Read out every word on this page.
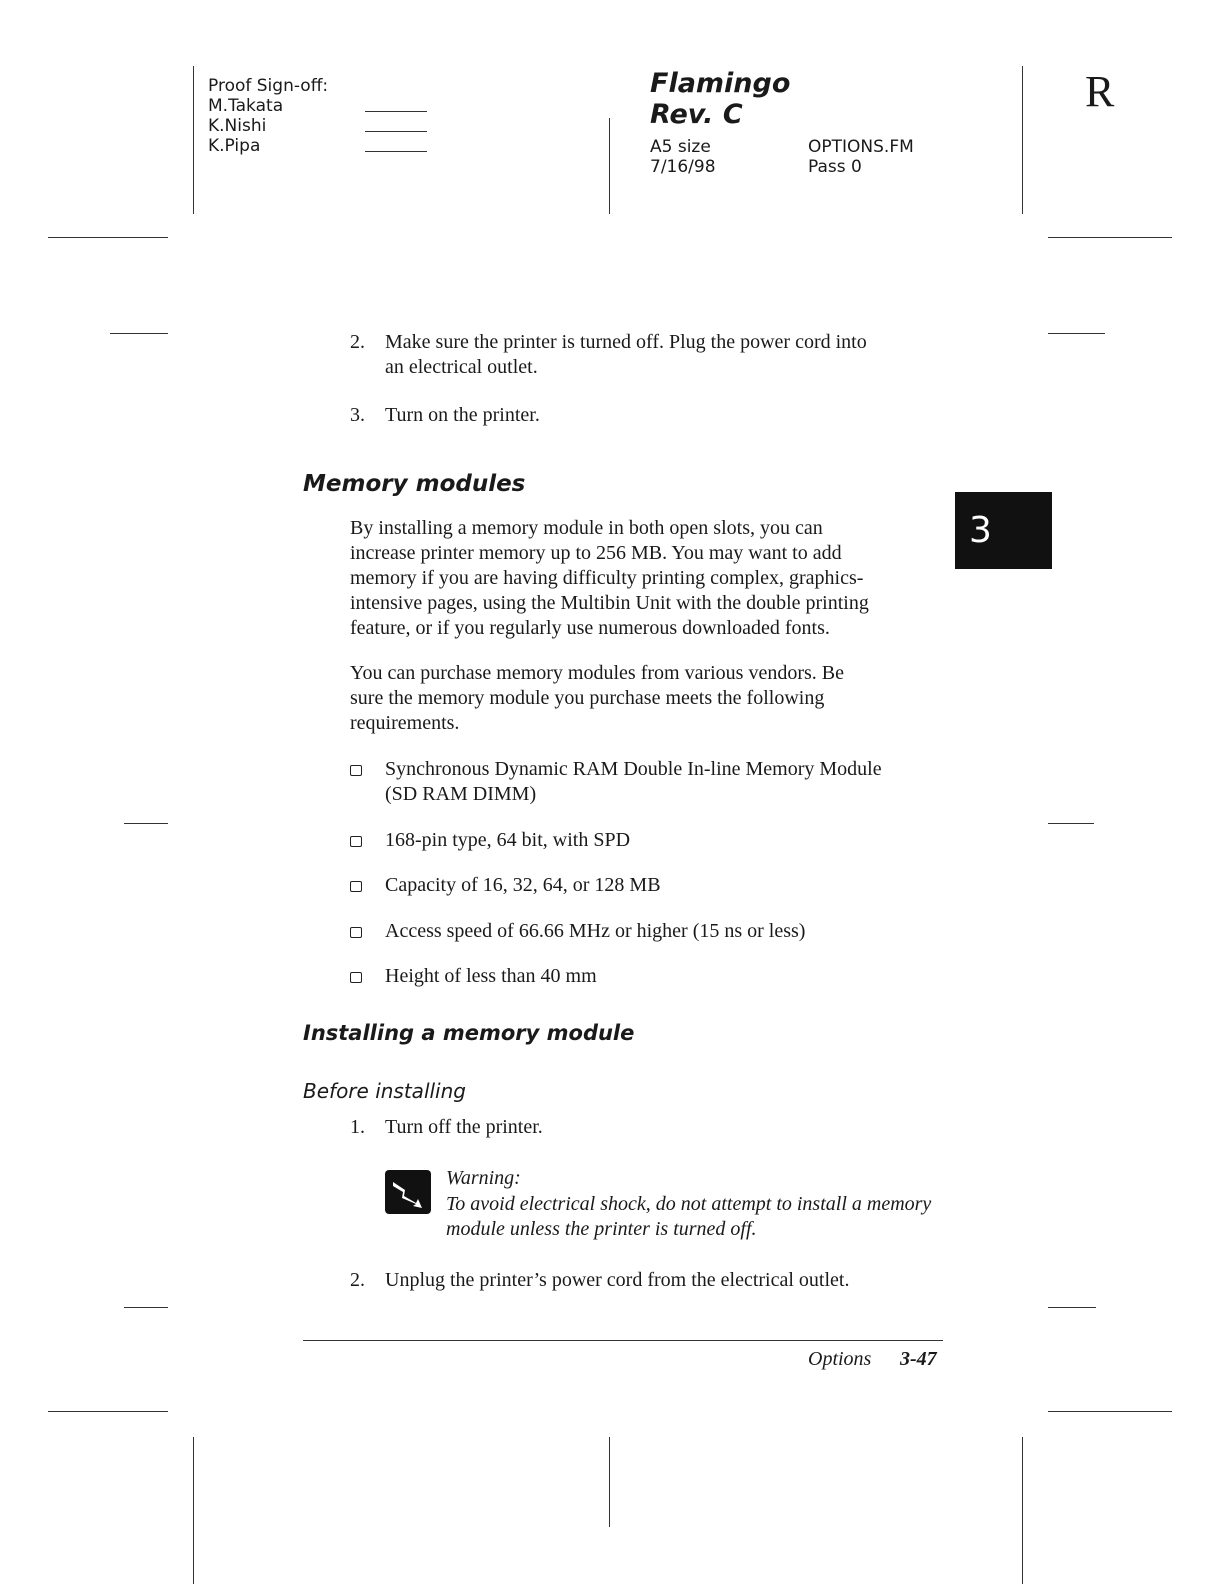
Proof Sign-off:
M.Takata
K.Nishi
K.Pipa
Flamingo
Rev. C
A5 size
7/16/98
OPTIONS.FM
Pass 0
R
3
2. Make sure the printer is turned off. Plug the power cord into
an electrical outlet.
3. Turn on the printer.
Memory modules
By installing a memory module in both open slots, you can
increase printer memory up to 256 MB. You may want to add
memory if you are having difficulty printing complex, graphics-
intensive pages, using the Multibin Unit with the double printing
feature, or if you regularly use numerous downloaded fonts.
You can purchase memory modules from various vendors. Be
sure the memory module you purchase meets the following
requirements.
Synchronous Dynamic RAM Double In-line Memory Module
(SD RAM DIMM)
168-pin type, 64 bit, with SPD
Capacity of 16, 32, 64, or 128 MB
Access speed of 66.66 MHz or higher (15 ns or less)
Height of less than 40 mm
Installing a memory module
Before installing
1. Turn off the printer.
Warning:
To avoid electrical shock, do not attempt to install a memory
module unless the printer is turned off.
2. Unplug the printer’s power cord from the electrical outlet.
Options 3-47
